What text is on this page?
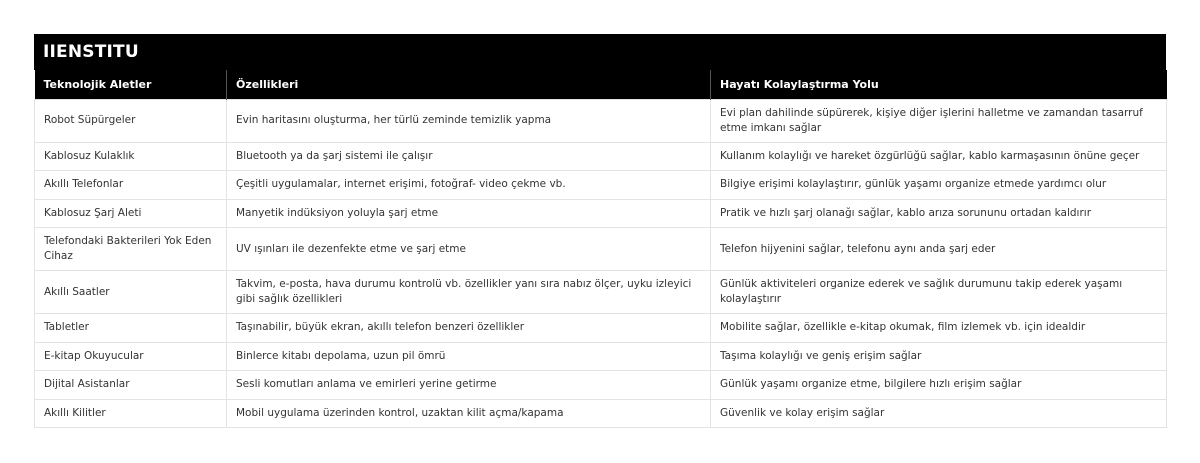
IIENSTITU
Teknolojik Aletler	Özellikleri	Hayatı Kolaylaştırma Yolu
Robot Süpürgeler	Evin haritasını oluşturma, her türlü zeminde temizlik yapma	Evi plan dahilinde süpürerek, kişiye diğer işlerini halletme ve zamandan tasarruf etme imkanı sağlar
Kablosuz Kulaklık	Bluetooth ya da şarj sistemi ile çalışır	Kullanım kolaylığı ve hareket özgürlüğü sağlar, kablo karmaşasının önüne geçer
Akıllı Telefonlar	Çeşitli uygulamalar, internet erişimi, fotoğraf- video çekme vb.	Bilgiye erişimi kolaylaştırır, günlük yaşamı organize etmede yardımcı olur
Kablosuz Şarj Aleti	Manyetik indüksiyon yoluyla şarj etme	Pratik ve hızlı şarj olanağı sağlar, kablo arıza sorununu ortadan kaldırır
Telefondaki Bakterileri Yok Eden Cihaz	UV ışınları ile dezenfekte etme ve şarj etme	Telefon hijyenini sağlar, telefonu aynı anda şarj eder
Akıllı Saatler	Takvim, e-posta, hava durumu kontrolü vb. özellikler yanı sıra nabız ölçer, uyku izleyici gibi sağlık özellikleri	Günlük aktiviteleri organize ederek ve sağlık durumunu takip ederek yaşamı kolaylaştırır
Tabletler	Taşınabilir, büyük ekran, akıllı telefon benzeri özellikler	Mobilite sağlar, özellikle e-kitap okumak, film izlemek vb. için idealdir
E-kitap Okuyucular	Binlerce kitabı depolama, uzun pil ömrü	Taşıma kolaylığı ve geniş erişim sağlar
Dijital Asistanlar	Sesli komutları anlama ve emirleri yerine getirme	Günlük yaşamı organize etme, bilgilere hızlı erişim sağlar
Akıllı Kilitler	Mobil uygulama üzerinden kontrol, uzaktan kilit açma/kapama	Güvenlik ve kolay erişim sağlar
